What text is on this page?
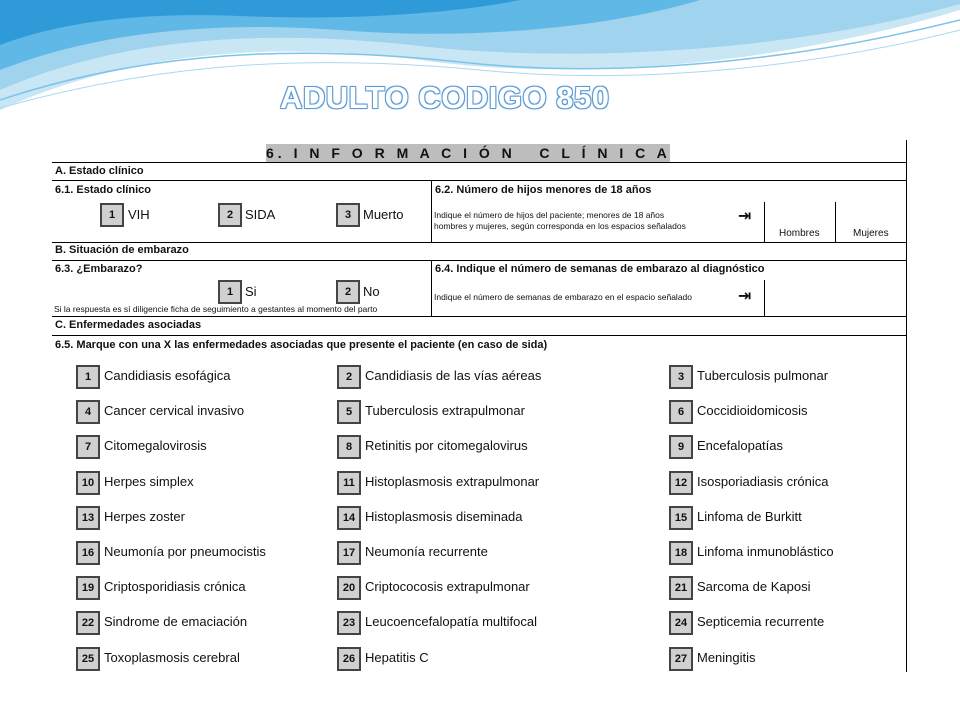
ADULTO CODIGO 850
6. I N F O R M A C I Ó N   C L Í N I C A
A. Estado clínico
6.1. Estado clínico
1 VIH	2 SIDA	3 Muerto
6.2. Número de hijos menores de 18 años
Indique el número de hijos del paciente; menores de 18 años
hombres y mujeres, según corresponda en los espacios señalados
⇥
Hombres	Mujeres
B. Situación de embarazo
6.3. ¿Embarazo?
1 Si	2 No
Si la respuesta es sí diligencie ficha de seguimiento a gestantes al momento del parto
6.4. Indique el número de semanas de embarazo al diagnóstico
Indique el número de semanas de embarazo en el espacio señalado	⇥
C. Enfermedades asociadas
6.5. Marque con una X las enfermedades asociadas que presente el paciente (en caso de sida)
1 Candidiasis esofágica	2 Candidiasis de las vías aéreas	3 Tuberculosis pulmonar
4 Cancer cervical invasivo	5 Tuberculosis extrapulmonar	6 Coccidioidomicosis
7 Citomegalovirosis	8 Retinitis por citomegalovirus	9 Encefalopatías
10 Herpes simplex	11 Histoplasmosis extrapulmonar	12 Isosporiadiasis crónica
13 Herpes zoster	14 Histoplasmosis diseminada	15 Linfoma de Burkitt
16 Neumonía por pneumocistis	17 Neumonía recurrente	18 Linfoma inmunoblástico
19 Criptosporidiasis crónica	20 Criptococosis extrapulmonar	21 Sarcoma de Kaposi
22 Sindrome de emaciación	23 Leucoencefalopatía multifocal	24 Septicemia recurrente
25 Toxoplasmosis cerebral	26 Hepatitis C	27 Meningitis
